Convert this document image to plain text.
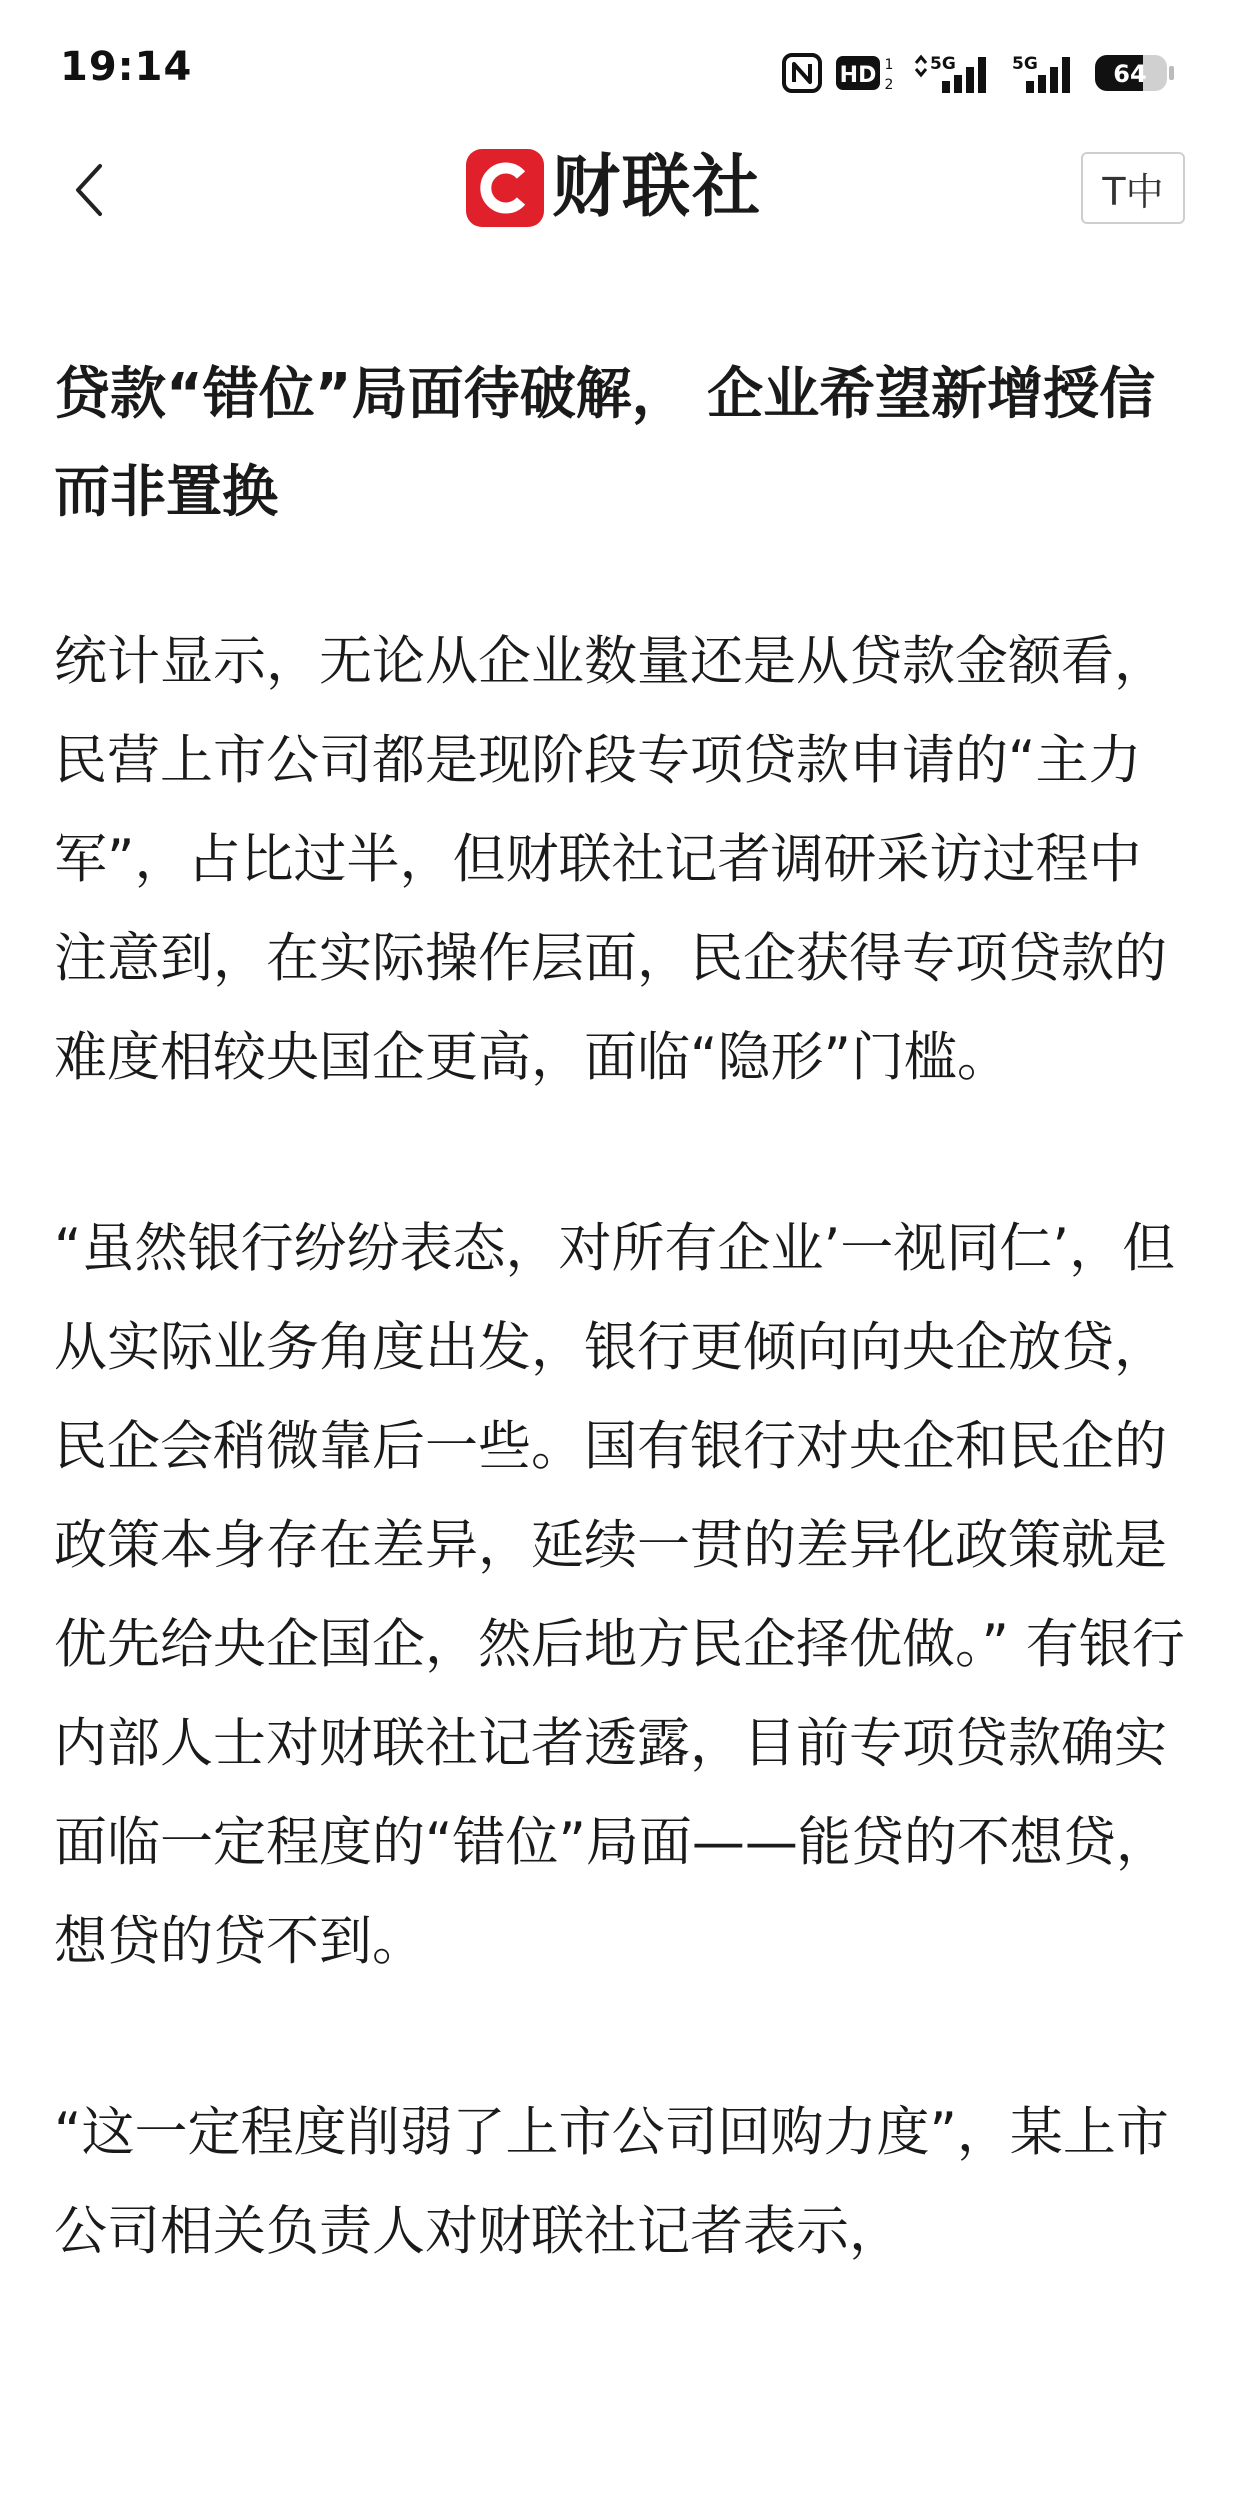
19:14	HD 1
2
5G	5G	64
财联社	T中
贷款“错位”局面待破解， 企业希望新增授信而非置换

统计显示，无论从企业数量还是从贷款金额看，民营上市公司都是现阶段专项贷款申请的“主力军”，占比过半，但财联社记者调研采访过程中注意到，在实际操作层面，民企获得专项贷款的难度相较央国企更高，面临“隐形”门槛。

“虽然银行纷纷表态，对所有企业’一视同仁’，但从实际业务角度出发，银行更倾向向央企放贷，民企会稍微靠后一些。国有银行对央企和民企的政策本身存在差异，延续一贯的差异化政策就是优先给央企国企，然后地方民企择优做。” 有银行内部人士对财联社记者透露，目前专项贷款确实面临一定程度的“错位”局面——能贷的不想贷，想贷的贷不到。

“这一定程度削弱了上市公司回购力度”，某上市公司相关负责人对财联社记者表示，
